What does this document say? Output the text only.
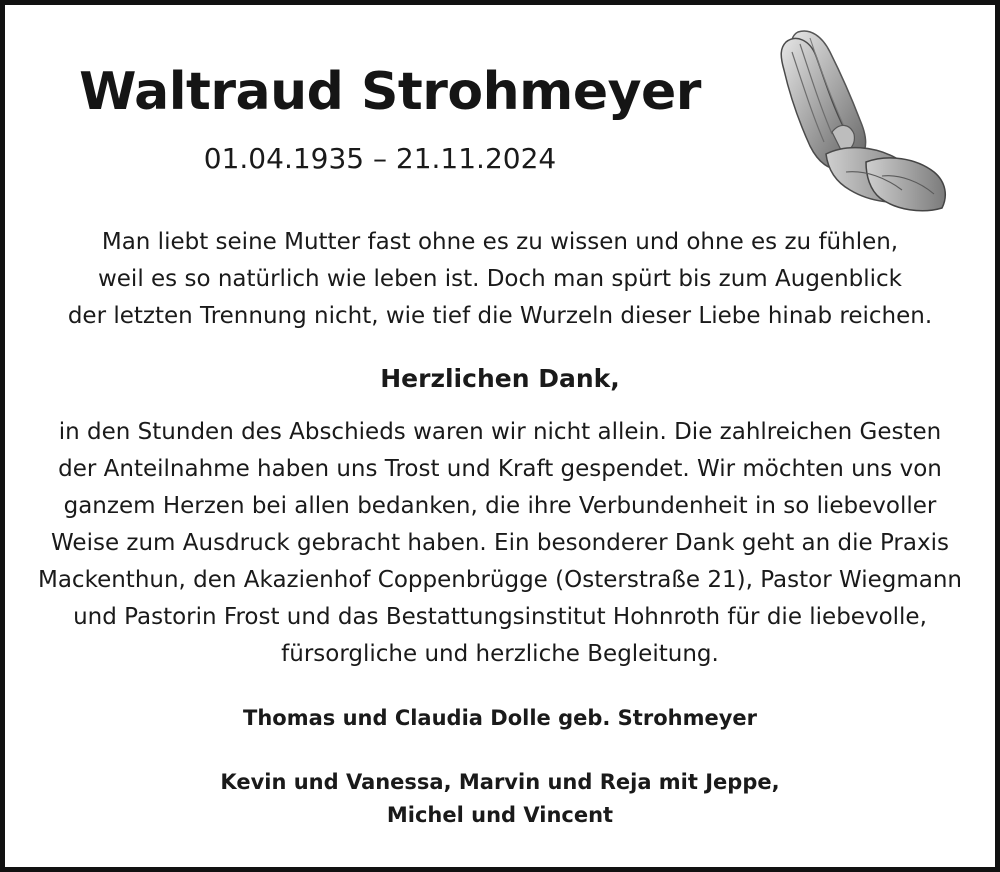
Waltraud Strohmeyer
01.04.1935 – 21.11.2024
Man liebt seine Mutter fast ohne es zu wissen und ohne es zu fühlen,
weil es so natürlich wie leben ist. Doch man spürt bis zum Augenblick
der letzten Trennung nicht, wie tief die Wurzeln dieser Liebe hinab reichen.
Herzlichen Dank,
in den Stunden des Abschieds waren wir nicht allein. Die zahlreichen Gesten
der Anteilnahme haben uns Trost und Kraft gespendet. Wir möchten uns von
ganzem Herzen bei allen bedanken, die ihre Verbundenheit in so liebevoller
Weise zum Ausdruck gebracht haben. Ein besonderer Dank geht an die Praxis
Mackenthun, den Akazienhof Coppenbrügge (Osterstraße 21), Pastor Wiegmann
und Pastorin Frost und das Bestattungsinstitut Hohnroth für die liebevolle,
fürsorgliche und herzliche Begleitung.
Thomas und Claudia Dolle geb. Strohmeyer
Kevin und Vanessa, Marvin und Reja mit Jeppe,
Michel und Vincent
